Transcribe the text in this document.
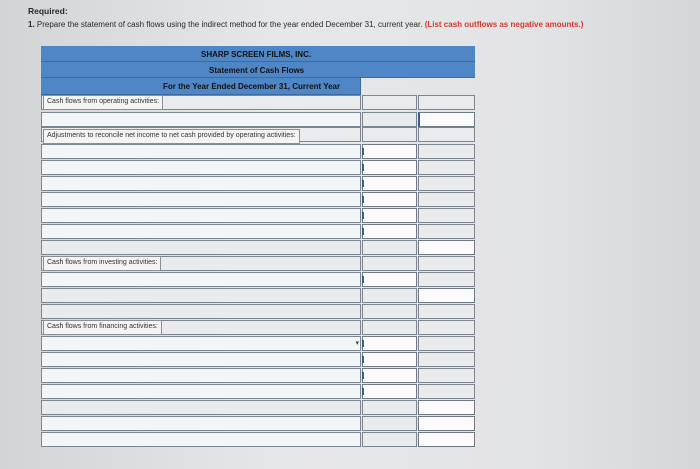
Required:
1. Prepare the statement of cash flows using the indirect method for the year ended December 31, current year. (List cash outflows as negative amounts.)
SHARP SCREEN FILMS, INC.
Statement of Cash Flows
For the Year Ended December 31, Current Year
Cash flows from operating activities:
Adjustments to reconcile net income to net cash provided by operating activities:
Cash flows from investing activities:
Cash flows from financing activities:
▾
